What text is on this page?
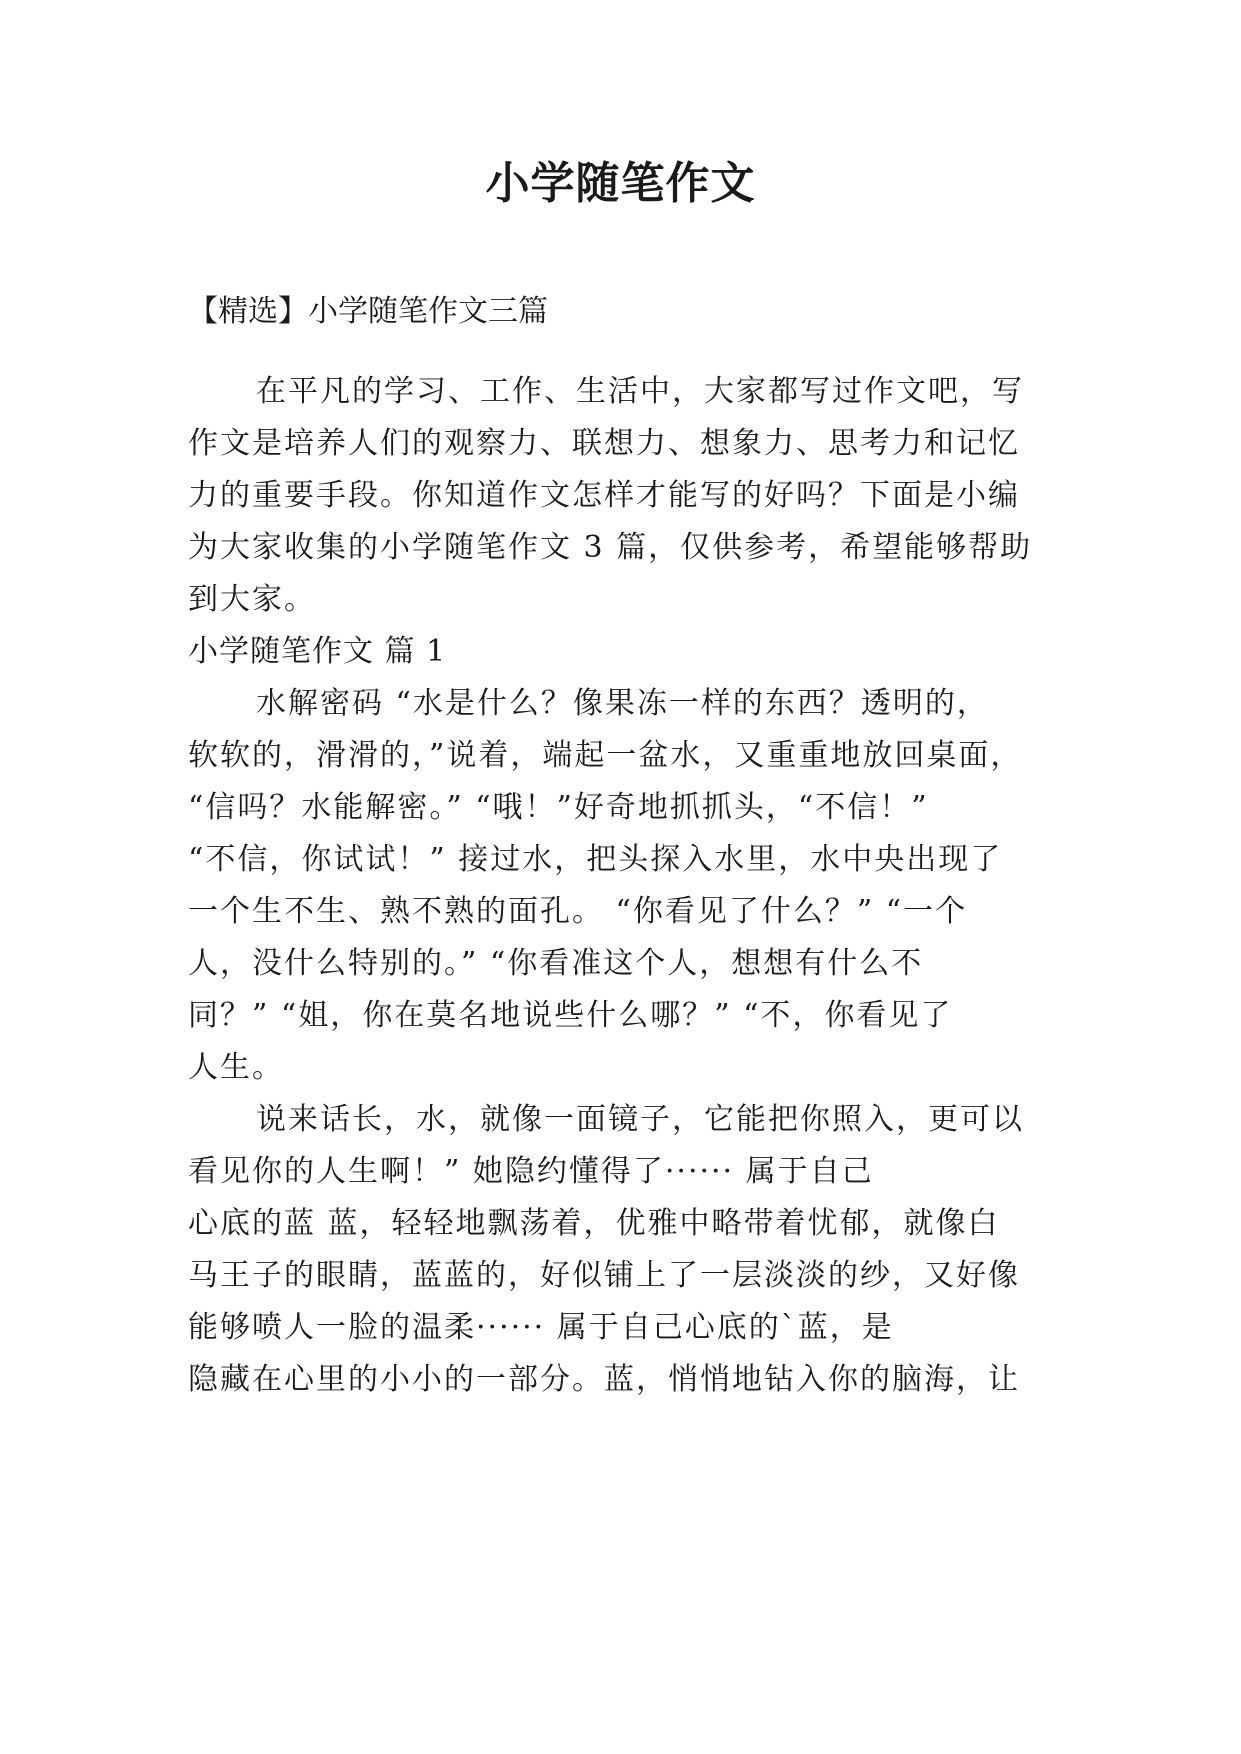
小学随笔作文
【精选】小学随笔作文三篇
在平凡的学习、工作、生活中，大家都写过作文吧，写
作文是培养人们的观察力、联想力、想象力、思考力和记忆
力的重要手段。你知道作文怎样才能写的好吗？下面是小编
为大家收集的小学随笔作文 3 篇，仅供参考，希望能够帮助
到大家。
小学随笔作文 篇 1
水解密码 “水是什么？像果冻一样的东西？透明的，
软软的，滑滑的，”说着，端起一盆水，又重重地放回桌面，
“信吗？水能解密。” “哦！”好奇地抓抓头，“不信！”
“不信，你试试！” 接过水，把头探入水里，水中央出现了
一个生不生、熟不熟的面孔。 “你看见了什么？” “一个
人，没什么特别的。” “你看准这个人，想想有什么不
同？” “姐，你在莫名地说些什么哪？” “不，你看见了
人生。
说来话长，水，就像一面镜子，它能把你照入，更可以
看见你的人生啊！” 她隐约懂得了······ 属于自己
心底的蓝 蓝，轻轻地飘荡着，优雅中略带着忧郁，就像白
马王子的眼睛，蓝蓝的，好似铺上了一层淡淡的纱，又好像
能够喷人一脸的温柔······ 属于自己心底的`蓝，是
隐藏在心里的小小的一部分。蓝，悄悄地钻入你的脑海，让
